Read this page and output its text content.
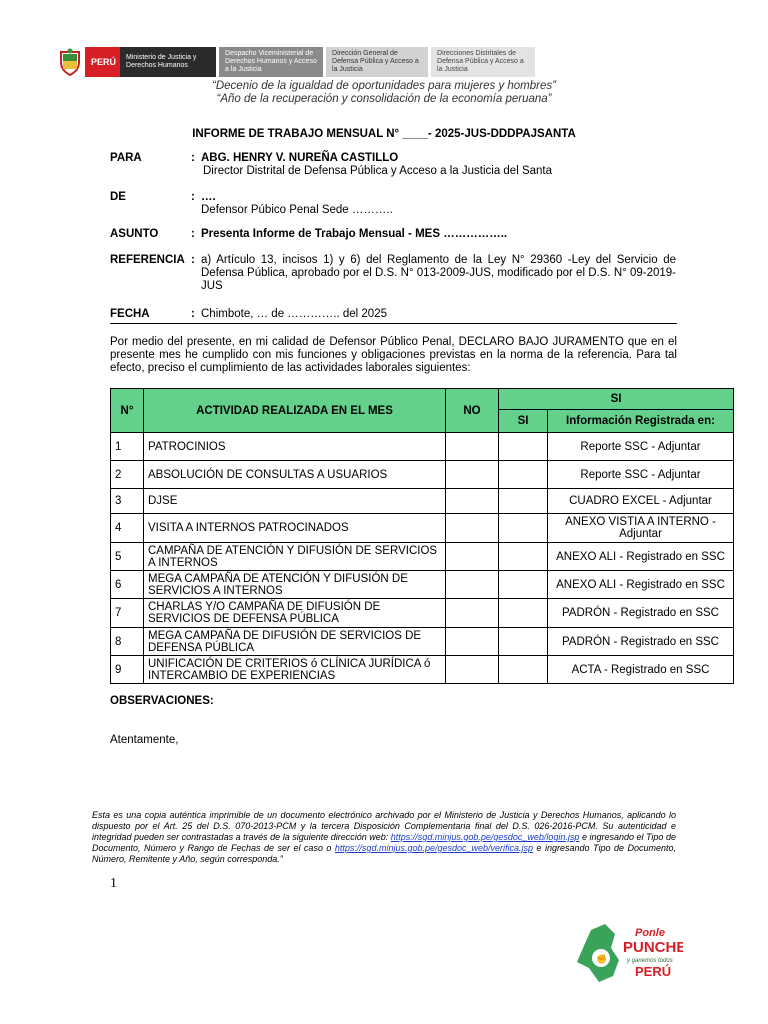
PERÚ	Ministerio de Justicia y Derechos Humanos
Despacho Viceministerial de Derechos Humanos y Acceso a la Justicia
Dirección General de Defensa Pública y Acceso a la Justicia
Direcciones Distritales de Defensa Pública y Acceso a la Justicia
“Decenio de la igualdad de oportunidades para mujeres y hombres”
“Año de la recuperación y consolidación de la economía peruana”
INFORME DE TRABAJO MENSUAL N° ____- 2025-JUS-DDDPAJSANTA
PARA	: ABG. HENRY V. NUREÑA CASTILLO
Director Distrital de Defensa Pública y Acceso a la Justicia del Santa
DE	: ….
Defensor Púbico Penal Sede ………..
ASUNTO	: Presenta Informe de Trabajo Mensual - MES ……………..
REFERENCIA : a) Artículo 13, incisos 1) y 6) del Reglamento de la Ley N° 29360 -Ley del Servicio de Defensa Pública, aprobado por el D.S. N° 013-2009-JUS, modificado por el D.S. N° 09-2019-JUS
FECHA	: Chimbote, … de ………….. del 2025
Por medio del presente, en mi calidad de Defensor Público Penal, DECLARO BAJO JURAMENTO que en el presente mes he cumplido con mis funciones y obligaciones previstas en la norma de la referencia. Para tal efecto, preciso el cumplimiento de las actividades laborales siguientes:
N°	ACTIVIDAD REALIZADA EN EL MES	NO	SI	
			SI	Información Registrada en:
1	PATROCINIOS			Reporte SSC - Adjuntar
2	ABSOLUCIÓN DE CONSULTAS A USUARIOS			Reporte SSC - Adjuntar
3	DJSE			CUADRO EXCEL - Adjuntar
4	VISITA A INTERNOS PATROCINADOS			ANEXO VISTIA A INTERNO - Adjuntar
5	CAMPAÑA DE ATENCIÓN Y DIFUSIÓN DE SERVICIOS A INTERNOS			ANEXO ALI - Registrado en SSC
6	MEGA CAMPAÑA DE ATENCIÓN Y DIFUSIÓN DE SERVICIOS A INTERNOS			ANEXO ALI - Registrado en SSC
7	CHARLAS Y/O CAMPAÑA DE DIFUSIÓN DE SERVICIOS DE DEFENSA PÚBLICA			PADRÓN - Registrado en SSC
8	MEGA CAMPAÑA DE DIFUSIÓN DE SERVICIOS DE DEFENSA PÚBLICA			PADRÓN - Registrado en SSC
9	UNIFICACIÓN DE CRITERIOS ó CLÍNICA JURÍDICA ó INTERCAMBIO DE EXPERIENCIAS			ACTA - Registrado en SSC
OBSERVACIONES:
Atentamente,
Esta es una copia auténtica imprimible de un documento electrónico archivado por el Ministerio de Justicia y Derechos Humanos, aplicando lo dispuesto por el Art. 25 del D.S. 070-2013-PCM y la tercera Disposición Complementaria final del D.S. 026-2016-PCM. Su autenticidad e integridad pueden ser contrastadas a través de la siguiente dirección web: https://sgd.minjus.gob.pe/gesdoc_web/login.jsp e ingresando el Tipo de Documento, Número y Rango de Fechas de ser el caso o https://sgd.minjus.gob.pe/gesdoc_web/verifica.jsp e ingresando Tipo de Documento, Número, Remitente y Año, según corresponda.”
1
✊
Ponle
PUNCHE
y ganemos todos
PERÚ
